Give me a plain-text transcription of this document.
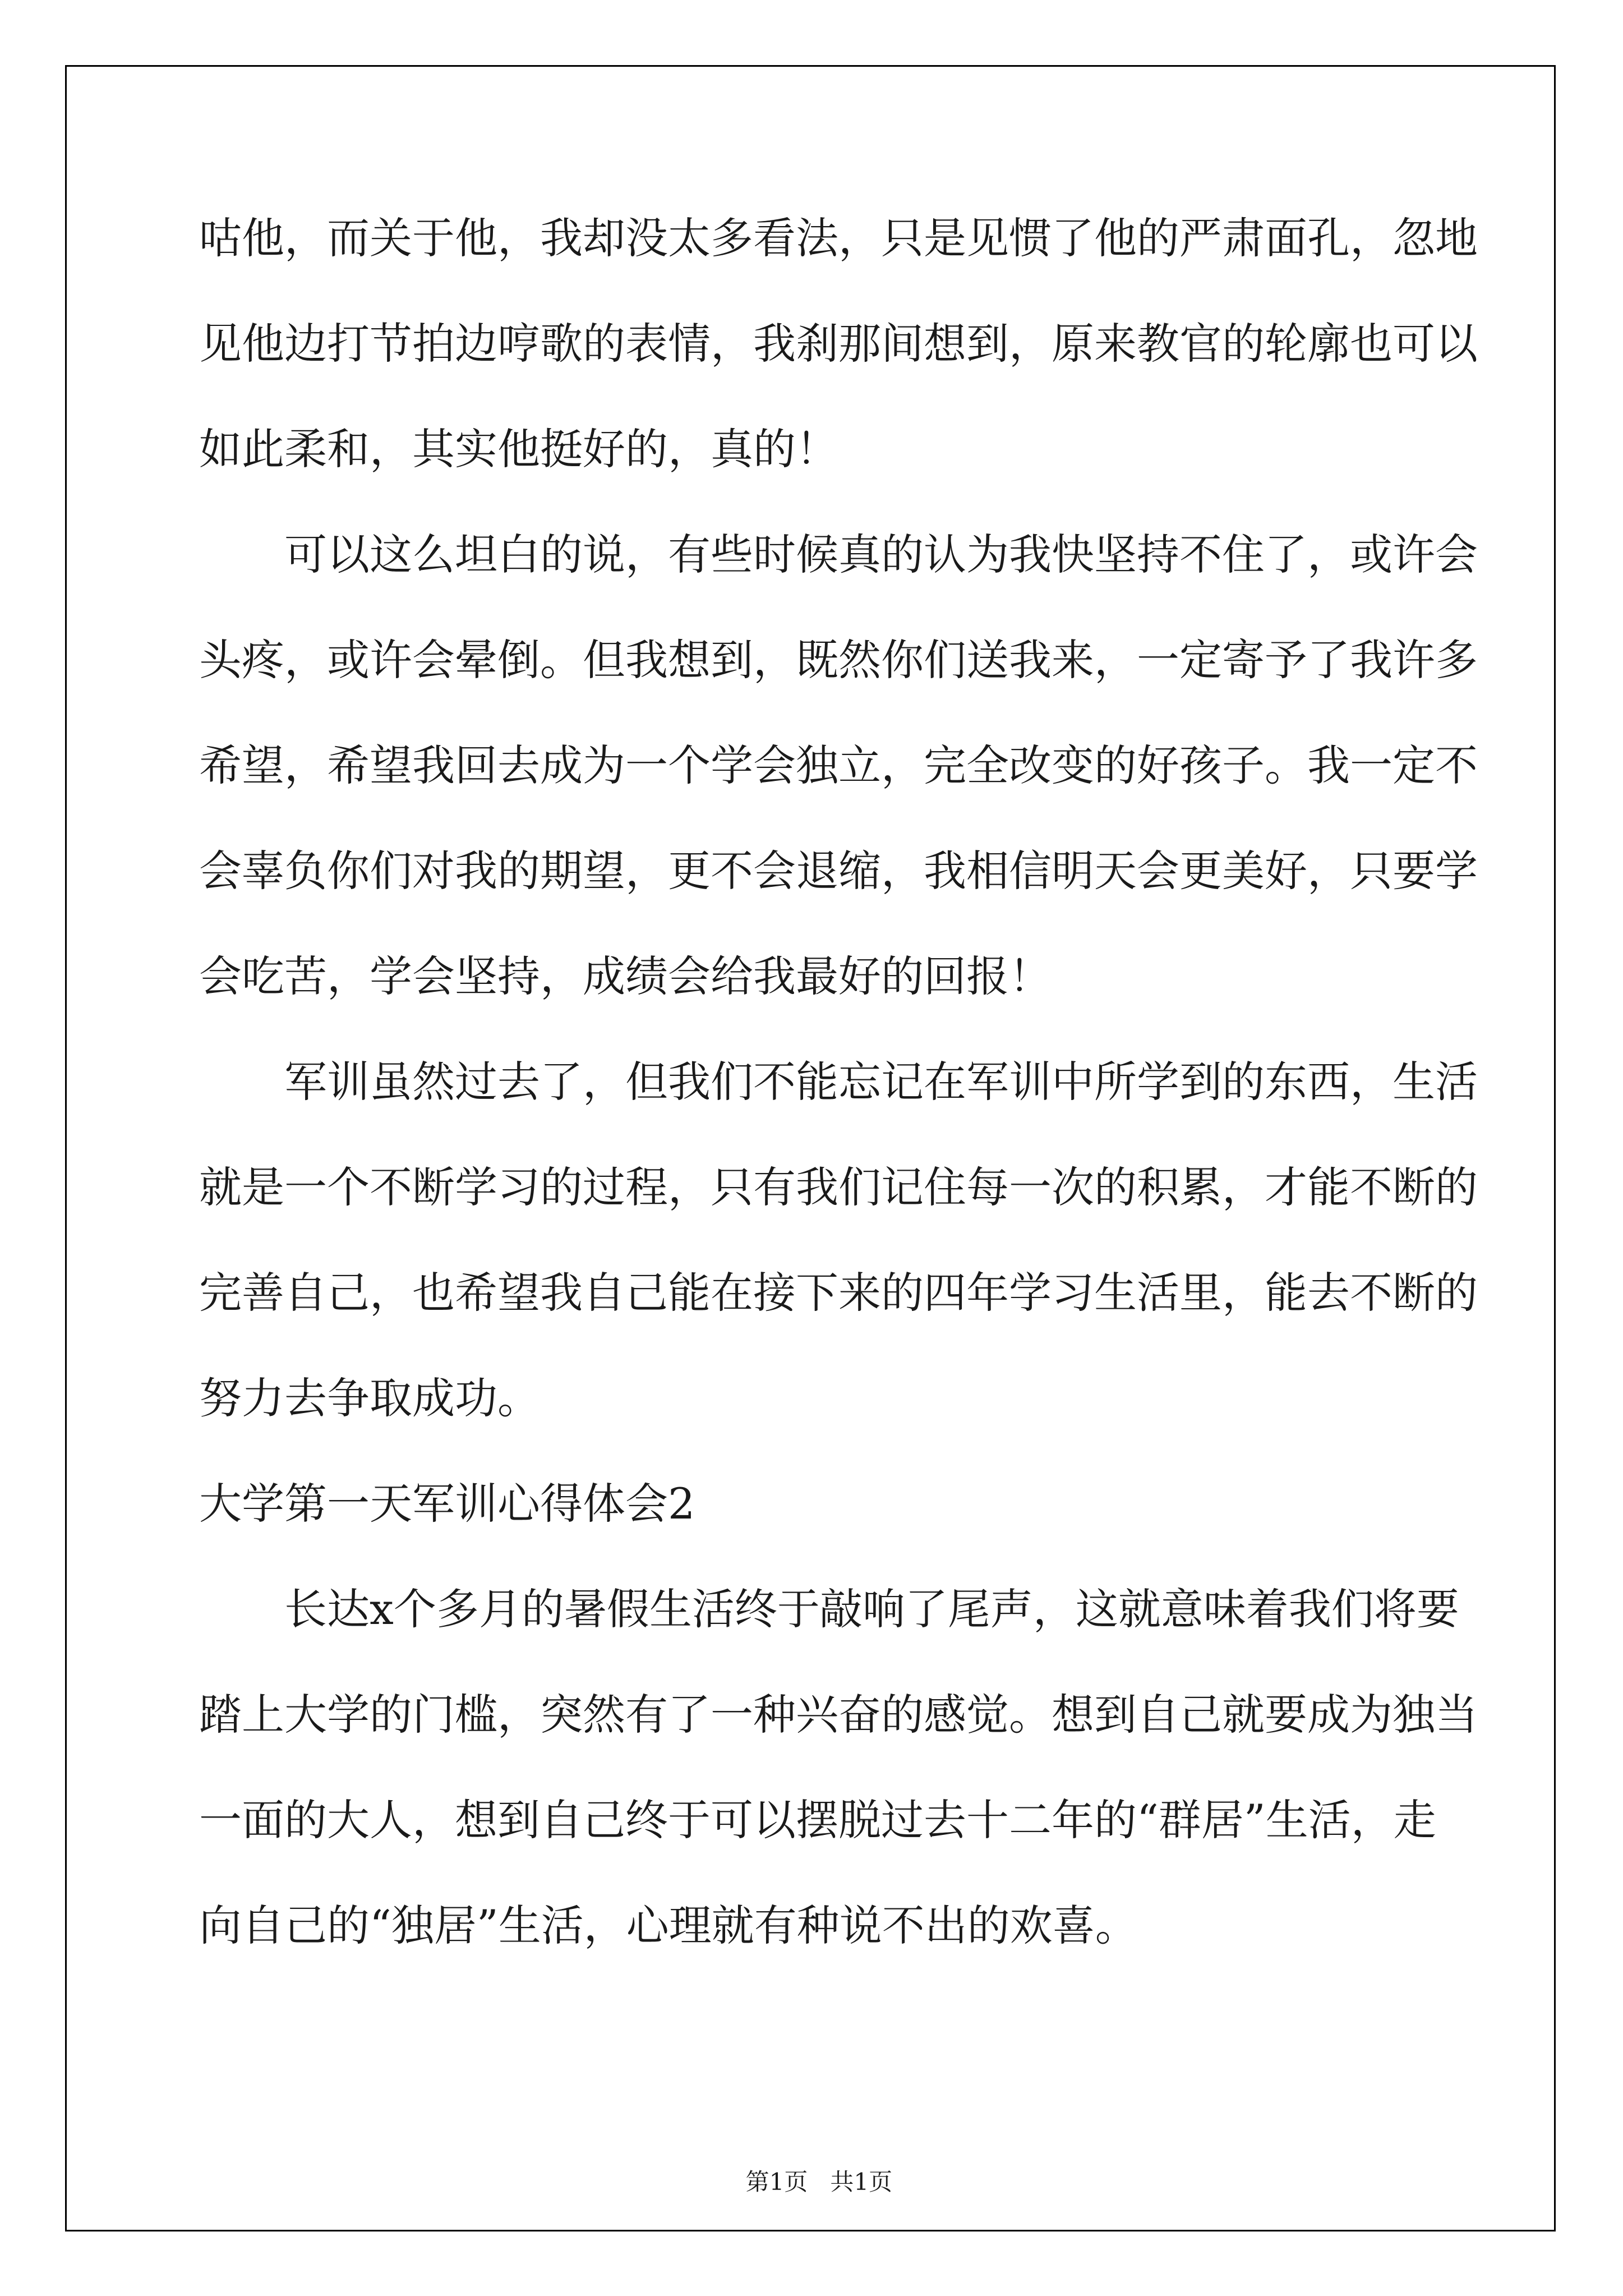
咕他，而关于他，我却没太多看法，只是见惯了他的严肃面孔，忽地
见他边打节拍边哼歌的表情，我刹那间想到，原来教官的轮廓也可以
如此柔和，其实他挺好的，真的！
可以这么坦白的说，有些时候真的认为我快坚持不住了，或许会
头疼，或许会晕倒。但我想到，既然你们送我来，一定寄予了我许多
希望，希望我回去成为一个学会独立，完全改变的好孩子。我一定不
会辜负你们对我的期望，更不会退缩，我相信明天会更美好，只要学
会吃苦，学会坚持，成绩会给我最好的回报！
军训虽然过去了，但我们不能忘记在军训中所学到的东西，生活
就是一个不断学习的过程，只有我们记住每一次的积累，才能不断的
完善自己，也希望我自己能在接下来的四年学习生活里，能去不断的
努力去争取成功。
大学第一天军训心得体会2
长达x个多月的暑假生活终于敲响了尾声，这就意味着我们将要
踏上大学的门槛，突然有了一种兴奋的感觉。想到自己就要成为独当
一面的大人，想到自己终于可以摆脱过去十二年的“群居”生活，走
向自己的“独居”生活，心理就有种说不出的欢喜。

第1页   共1页
